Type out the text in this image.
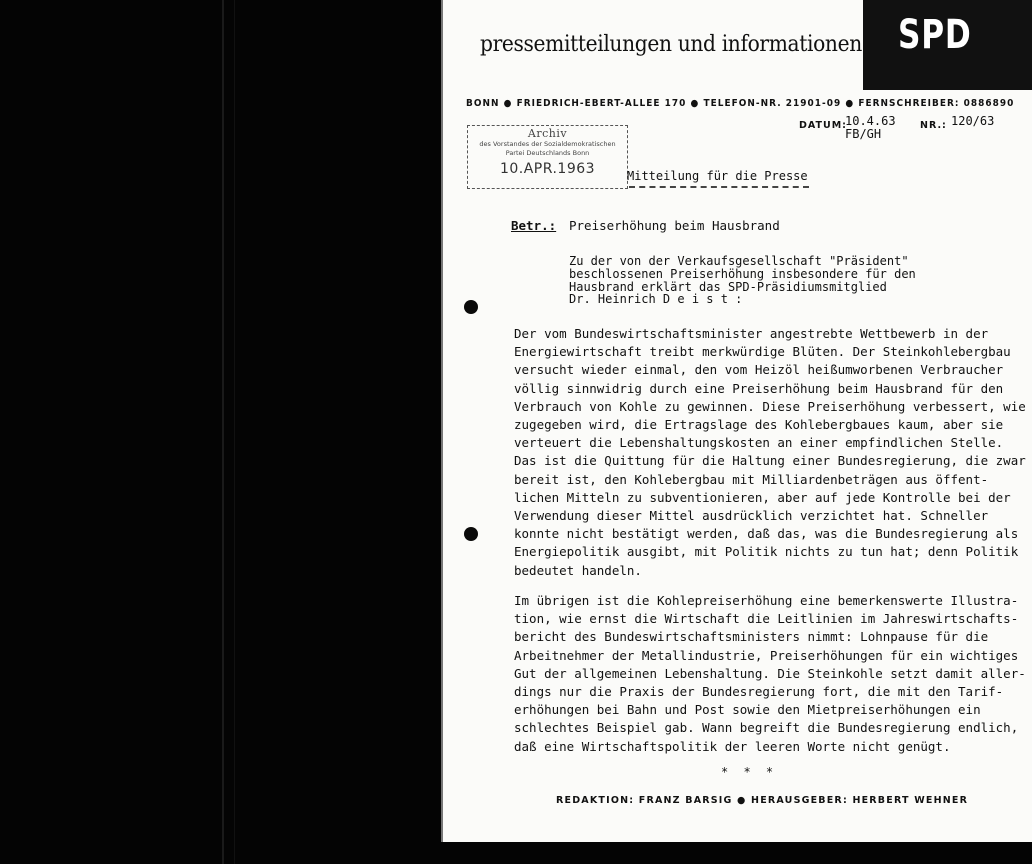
pressemitteilungen und informationen SPD
BONN ● FRIEDRICH-EBERT-ALLEE 170 ● TELEFON-NR. 21901-09 ● FERNSCHREIBER: 0886890
Archiv
des Vorstandes der Sozialdemokratischen
Partei Deutschlands Bonn
10.APR.1963
DATUM:
10.4.63
FB/GH
NR.: 120/63
Mitteilung für die Presse
Betr.: Preiserhöhung beim Hausbrand
Zu der von der Verkaufsgesellschaft "Präsident"
beschlossenen Preiserhöhung insbesondere für den
Hausbrand erklärt das SPD-Präsidiumsmitglied
Dr. Heinrich D e i s t :
Der vom Bundeswirtschaftsminister angestrebte Wettbewerb in der
Energiewirtschaft treibt merkwürdige Blüten. Der Steinkohlebergbau
versucht wieder einmal, den vom Heizöl heißumworbenen Verbraucher
völlig sinnwidrig durch eine Preiserhöhung beim Hausbrand für den
Verbrauch von Kohle zu gewinnen. Diese Preiserhöhung verbessert, wie
zugegeben wird, die Ertragslage des Kohlebergbaues kaum, aber sie
verteuert die Lebenshaltungskosten an einer empfindlichen Stelle.
Das ist die Quittung für die Haltung einer Bundesregierung, die zwar
bereit ist, den Kohlebergbau mit Milliardenbeträgen aus öffent-
lichen Mitteln zu subventionieren, aber auf jede Kontrolle bei der
Verwendung dieser Mittel ausdrücklich verzichtet hat. Schneller
konnte nicht bestätigt werden, daß das, was die Bundesregierung als
Energiepolitik ausgibt, mit Politik nichts zu tun hat; denn Politik
bedeutet handeln.
Im übrigen ist die Kohlepreiserhöhung eine bemerkenswerte Illustra-
tion, wie ernst die Wirtschaft die Leitlinien im Jahreswirtschafts-
bericht des Bundeswirtschaftsministers nimmt: Lohnpause für die
Arbeitnehmer der Metallindustrie, Preiserhöhungen für ein wichtiges
Gut der allgemeinen Lebenshaltung. Die Steinkohle setzt damit aller-
dings nur die Praxis der Bundesregierung fort, die mit den Tarif-
erhöhungen bei Bahn und Post sowie den Mietpreiserhöhungen ein
schlechtes Beispiel gab. Wann begreift die Bundesregierung endlich,
daß eine Wirtschaftspolitik der leeren Worte nicht genügt.
* * *
REDAKTION: FRANZ BARSIG ● HERAUSGEBER: HERBERT WEHNER
